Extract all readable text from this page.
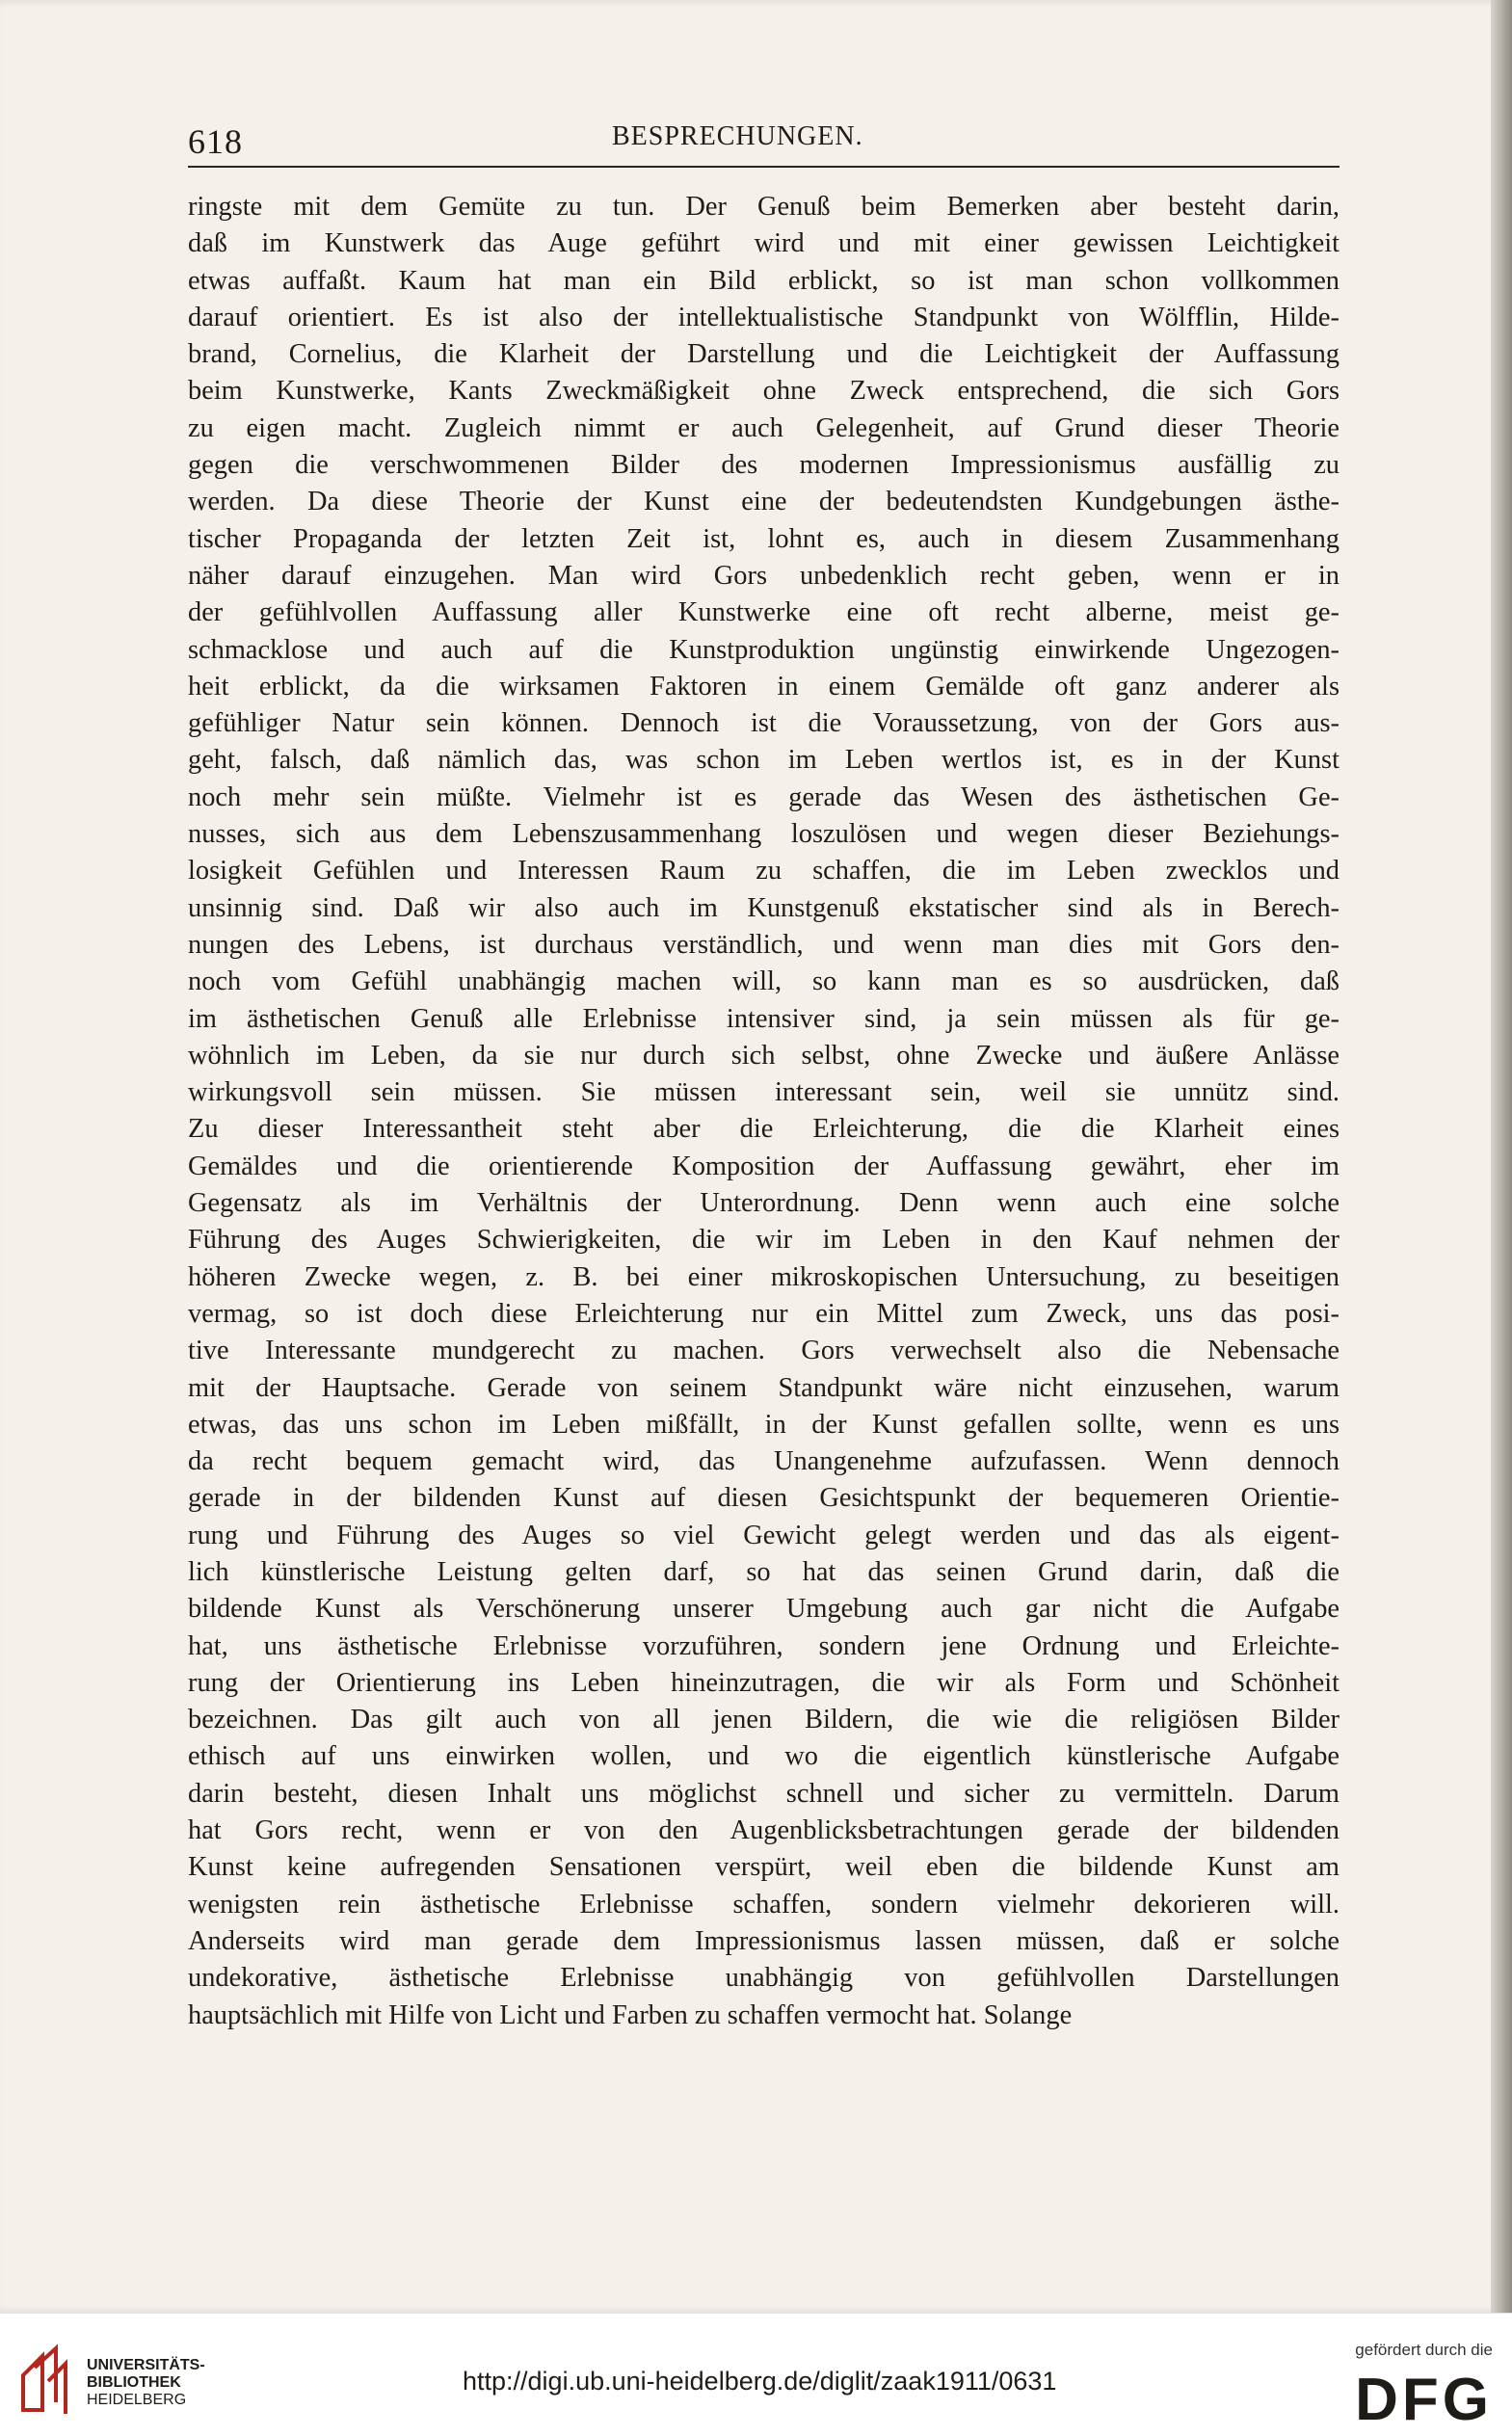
618	BESPRECHUNGEN.
ringste mit dem Gemüte zu tun. Der Genuß beim Bemerken aber besteht darin,
daß im Kunstwerk das Auge geführt wird und mit einer gewissen Leichtigkeit
etwas auffaßt. Kaum hat man ein Bild erblickt, so ist man schon vollkommen
darauf orientiert. Es ist also der intellektualistische Standpunkt von Wölfflin, Hilde-
brand, Cornelius, die Klarheit der Darstellung und die Leichtigkeit der Auffassung
beim Kunstwerke, Kants Zweckmäßigkeit ohne Zweck entsprechend, die sich Gors
zu eigen macht. Zugleich nimmt er auch Gelegenheit, auf Grund dieser Theorie
gegen die verschwommenen Bilder des modernen Impressionismus ausfällig zu
werden. Da diese Theorie der Kunst eine der bedeutendsten Kundgebungen ästhe-
tischer Propaganda der letzten Zeit ist, lohnt es, auch in diesem Zusammenhang
näher darauf einzugehen. Man wird Gors unbedenklich recht geben, wenn er in
der gefühlvollen Auffassung aller Kunstwerke eine oft recht alberne, meist ge-
schmacklose und auch auf die Kunstproduktion ungünstig einwirkende Ungezogen-
heit erblickt, da die wirksamen Faktoren in einem Gemälde oft ganz anderer als
gefühliger Natur sein können. Dennoch ist die Voraussetzung, von der Gors aus-
geht, falsch, daß nämlich das, was schon im Leben wertlos ist, es in der Kunst
noch mehr sein müßte. Vielmehr ist es gerade das Wesen des ästhetischen Ge-
nusses, sich aus dem Lebenszusammenhang loszulösen und wegen dieser Beziehungs-
losigkeit Gefühlen und Interessen Raum zu schaffen, die im Leben zwecklos und
unsinnig sind. Daß wir also auch im Kunstgenuß ekstatischer sind als in Berech-
nungen des Lebens, ist durchaus verständlich, und wenn man dies mit Gors den-
noch vom Gefühl unabhängig machen will, so kann man es so ausdrücken, daß
im ästhetischen Genuß alle Erlebnisse intensiver sind, ja sein müssen als für ge-
wöhnlich im Leben, da sie nur durch sich selbst, ohne Zwecke und äußere Anlässe
wirkungsvoll sein müssen. Sie müssen interessant sein, weil sie unnütz sind.
Zu dieser Interessantheit steht aber die Erleichterung, die die Klarheit eines
Gemäldes und die orientierende Komposition der Auffassung gewährt, eher im
Gegensatz als im Verhältnis der Unterordnung. Denn wenn auch eine solche
Führung des Auges Schwierigkeiten, die wir im Leben in den Kauf nehmen der
höheren Zwecke wegen, z. B. bei einer mikroskopischen Untersuchung, zu beseitigen
vermag, so ist doch diese Erleichterung nur ein Mittel zum Zweck, uns das posi-
tive Interessante mundgerecht zu machen. Gors verwechselt also die Nebensache
mit der Hauptsache. Gerade von seinem Standpunkt wäre nicht einzusehen, warum
etwas, das uns schon im Leben mißfällt, in der Kunst gefallen sollte, wenn es uns
da recht bequem gemacht wird, das Unangenehme aufzufassen. Wenn dennoch
gerade in der bildenden Kunst auf diesen Gesichtspunkt der bequemeren Orientie-
rung und Führung des Auges so viel Gewicht gelegt werden und das als eigent-
lich künstlerische Leistung gelten darf, so hat das seinen Grund darin, daß die
bildende Kunst als Verschönerung unserer Umgebung auch gar nicht die Aufgabe
hat, uns ästhetische Erlebnisse vorzuführen, sondern jene Ordnung und Erleichte-
rung der Orientierung ins Leben hineinzutragen, die wir als Form und Schönheit
bezeichnen. Das gilt auch von all jenen Bildern, die wie die religiösen Bilder
ethisch auf uns einwirken wollen, und wo die eigentlich künstlerische Aufgabe
darin besteht, diesen Inhalt uns möglichst schnell und sicher zu vermitteln. Darum
hat Gors recht, wenn er von den Augenblicksbetrachtungen gerade der bildenden
Kunst keine aufregenden Sensationen verspürt, weil eben die bildende Kunst am
wenigsten rein ästhetische Erlebnisse schaffen, sondern vielmehr dekorieren will.
Anderseits wird man gerade dem Impressionismus lassen müssen, daß er solche
undekorative, ästhetische Erlebnisse unabhängig von gefühlvollen Darstellungen
hauptsächlich mit Hilfe von Licht und Farben zu schaffen vermocht hat. Solange
UNIVERSITÄTS-
BIBLIOTHEK
HEIDELBERG
http://digi.ub.uni-heidelberg.de/diglit/zaak1911/0631
gefördert durch die
DFG
